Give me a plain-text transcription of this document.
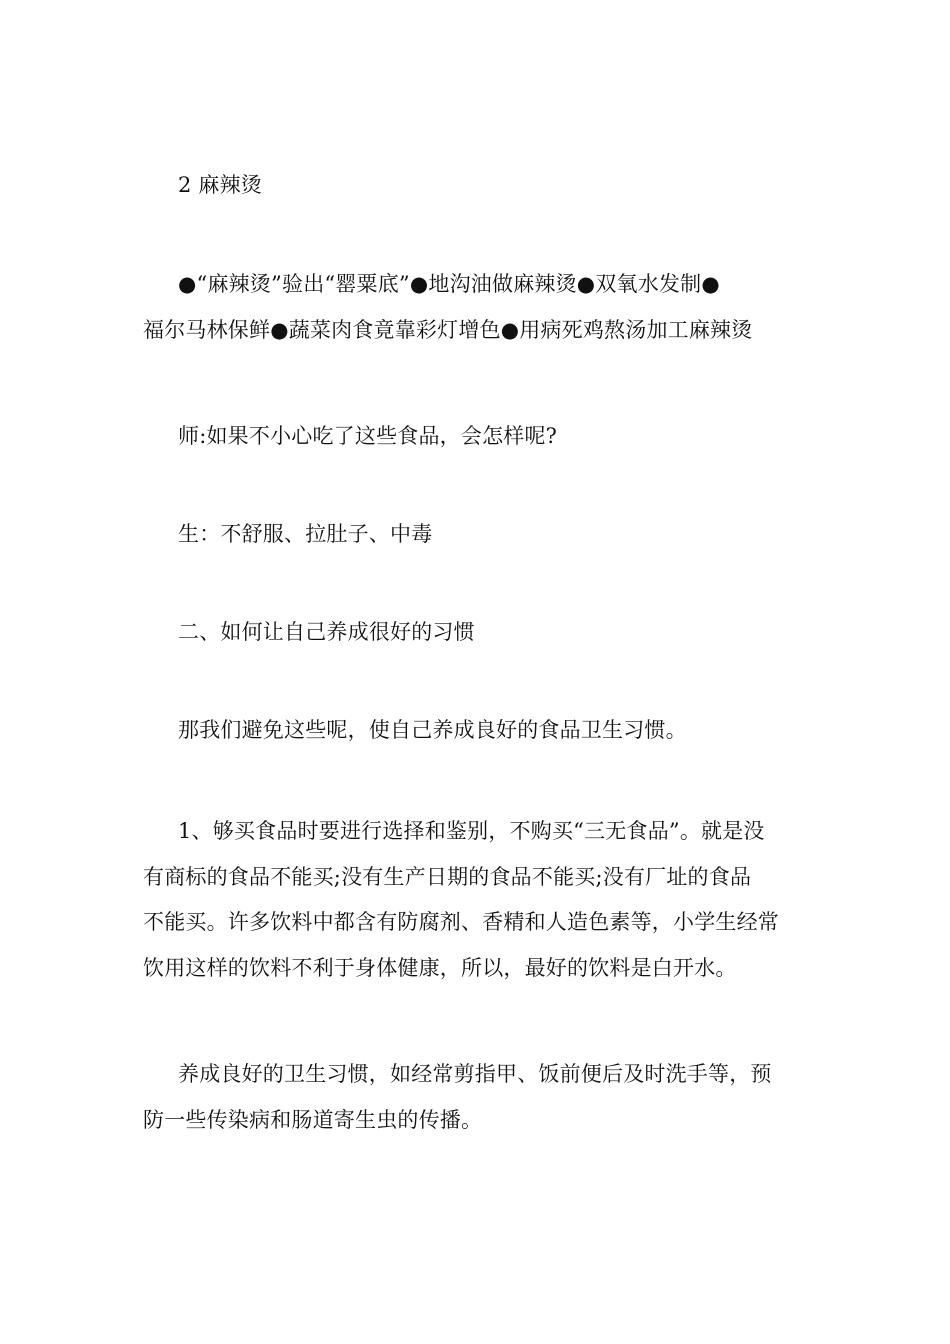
2 麻辣烫

●“麻辣烫”验出“罂粟底”●地沟油做麻辣烫●双氧水发制●
福尔马林保鲜●蔬菜肉食竟靠彩灯增色●用病死鸡熬汤加工麻辣烫

师:如果不小心吃了这些食品，会怎样呢?

生：不舒服、拉肚子、中毒

二、如何让自己养成很好的习惯

那我们避免这些呢，使自己养成良好的食品卫生习惯。

1、够买食品时要进行选择和鉴别，不购买“三无食品”。就是没
有商标的食品不能买;没有生产日期的食品不能买;没有厂址的食品
不能买。许多饮料中都含有防腐剂、香精和人造色素等，小学生经常
饮用这样的饮料不利于身体健康，所以，最好的饮料是白开水。

养成良好的卫生习惯，如经常剪指甲、饭前便后及时洗手等，预
防一些传染病和肠道寄生虫的传播。
